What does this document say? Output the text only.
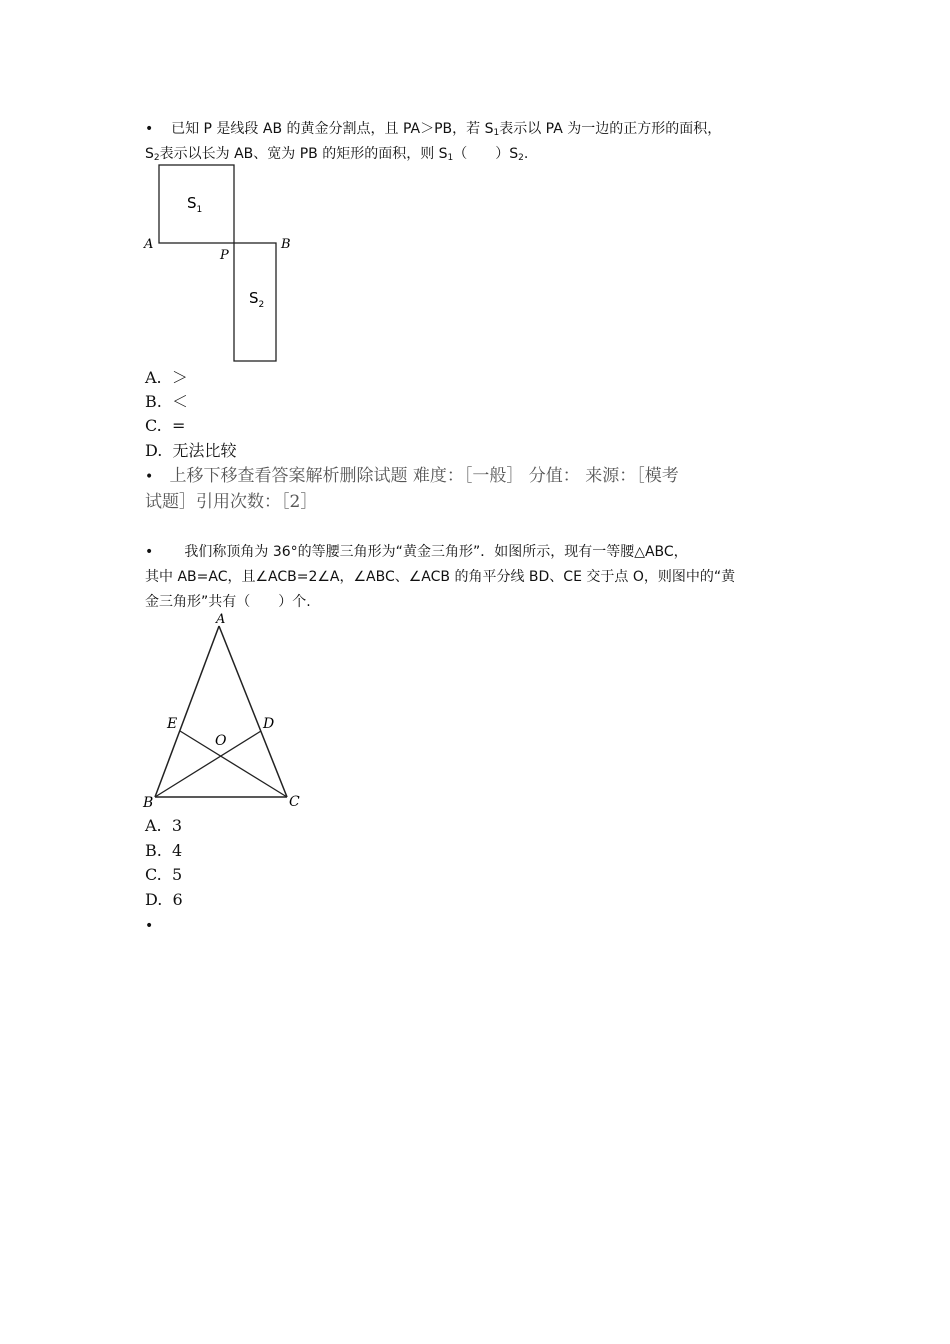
• 已知 P 是线段 AB 的黄金分割点，且 PA＞PB，若 $S_1$表示以 PA 为一边的正方形的面积，
$S_2$表示以长为 AB、宽为 PB 的矩形的面积，则 $S_1$（　　）$S_2$.
$S_1$
$S_2$
A
P
B
A. ＞
B. ＜
C. =
D. 无法比较
• 上移下移查看答案解析删除试题 难度：［一般］ 分值： 来源：［模考
试题］引用次数：［2］
• 我们称顶角为 36°的等腰三角形为“黄金三角形”．如图所示，现有一等腰△ABC，
其中 AB=AC，且∠ACB=2∠A，∠ABC、∠ACB 的角平分线 BD、CE 交于点 O，则图中的“黄
金三角形”共有（　　）个.
A
E	D
O
B	C
A. 3
B. 4
C. 5
D. 6
•
